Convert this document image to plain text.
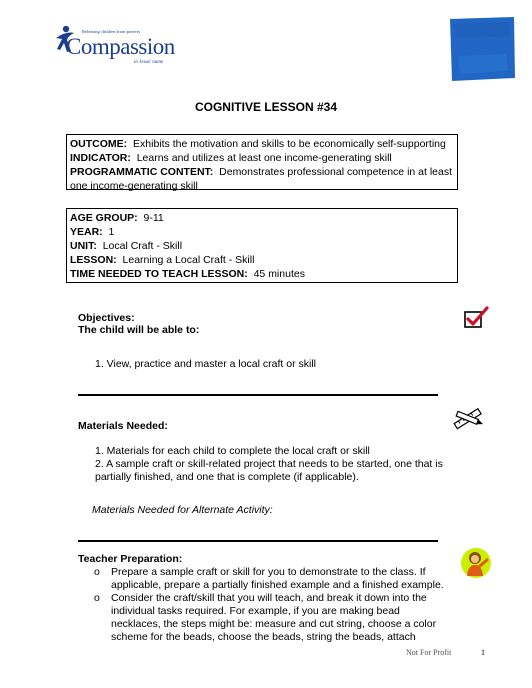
Releasing children from poverty
Compassion
in Jesus' name
COGNITIVE LESSON #34

OUTCOME: Exhibits the motivation and skills to be economically self-supporting

INDICATOR: Learns and utilizes at least one income-generating skill

PROGRAMMATIC CONTENT: Demonstrates professional competence in at least one income-generating skill

AGE GROUP: 9-11

YEAR: 1

UNIT: Local Craft - Skill

LESSON: Learning a Local Craft - Skill

TIME NEEDED TO TEACH LESSON: 45 minutes

Objectives:
The child will be able to:
1. View, practice and master a local craft or skill
Materials Needed:
1. Materials for each child to complete the local craft or skill
2. A sample craft or skill-related project that needs to be started, one that is partially finished, and one that is complete (if applicable).
Materials Needed for Alternate Activity:
Teacher Preparation:
o Prepare a sample craft or skill for you to demonstrate to the class. If applicable, prepare a partially finished example and a finished example.
o Consider the craft/skill that you will teach, and break it down into the individual tasks required. For example, if you are making bead necklaces, the steps might be: measure and cut string, choose a color scheme for the beads, choose the beads, string the beads, attach
Not For Profit	1
